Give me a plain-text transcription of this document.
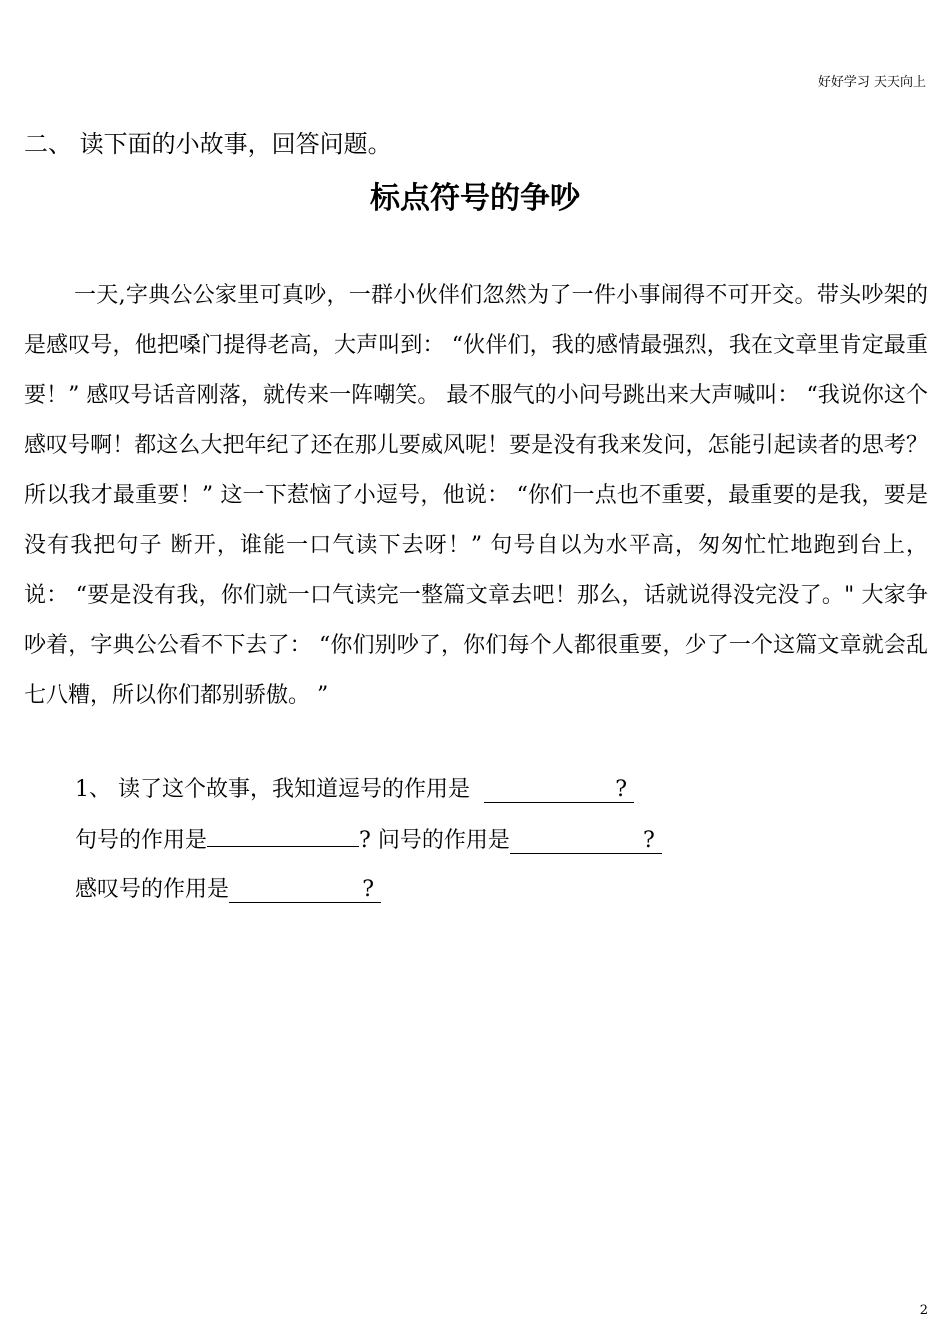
好好学习 天天向上
二、 读下面的小故事，回答问题。
标点符号的争吵

一天,字典公公家里可真吵，一群小伙伴们忽然为了一件小事闹得不可开交。带头吵架的是感叹号，他把嗓门提得老高，大声叫到： “伙伴们，我的感情最强烈，我在文章里肯定最重要！” 感叹号话音刚落，就传来一阵嘲笑。 最不服气的小问号跳出来大声喊叫： “我说你这个感叹号啊！都这么大把年纪了还在那儿要威风呢！要是没有我来发问，怎能引起读者的思考？所以我才最重要！” 这一下惹恼了小逗号，他说： “你们一点也不重要，最重要的是我，要是没有我把句子 断开，谁能一口气读下去呀！” 句号自以为水平高，匆匆忙忙地跑到台上，说： “要是没有我，你们就一口气读完一整篇文章去吧！那么，话就说得没完没了。" 大家争吵着，字典公公看不下去了： “你们别吵了，你们每个人都很重要，少了一个这篇文章就会乱七八糟，所以你们都别骄傲。 ”

1、 读了这个故事，我知道逗号的作用是	?
句号的作用是	? 问号的作用是	?
感叹号的作用是	?
2
